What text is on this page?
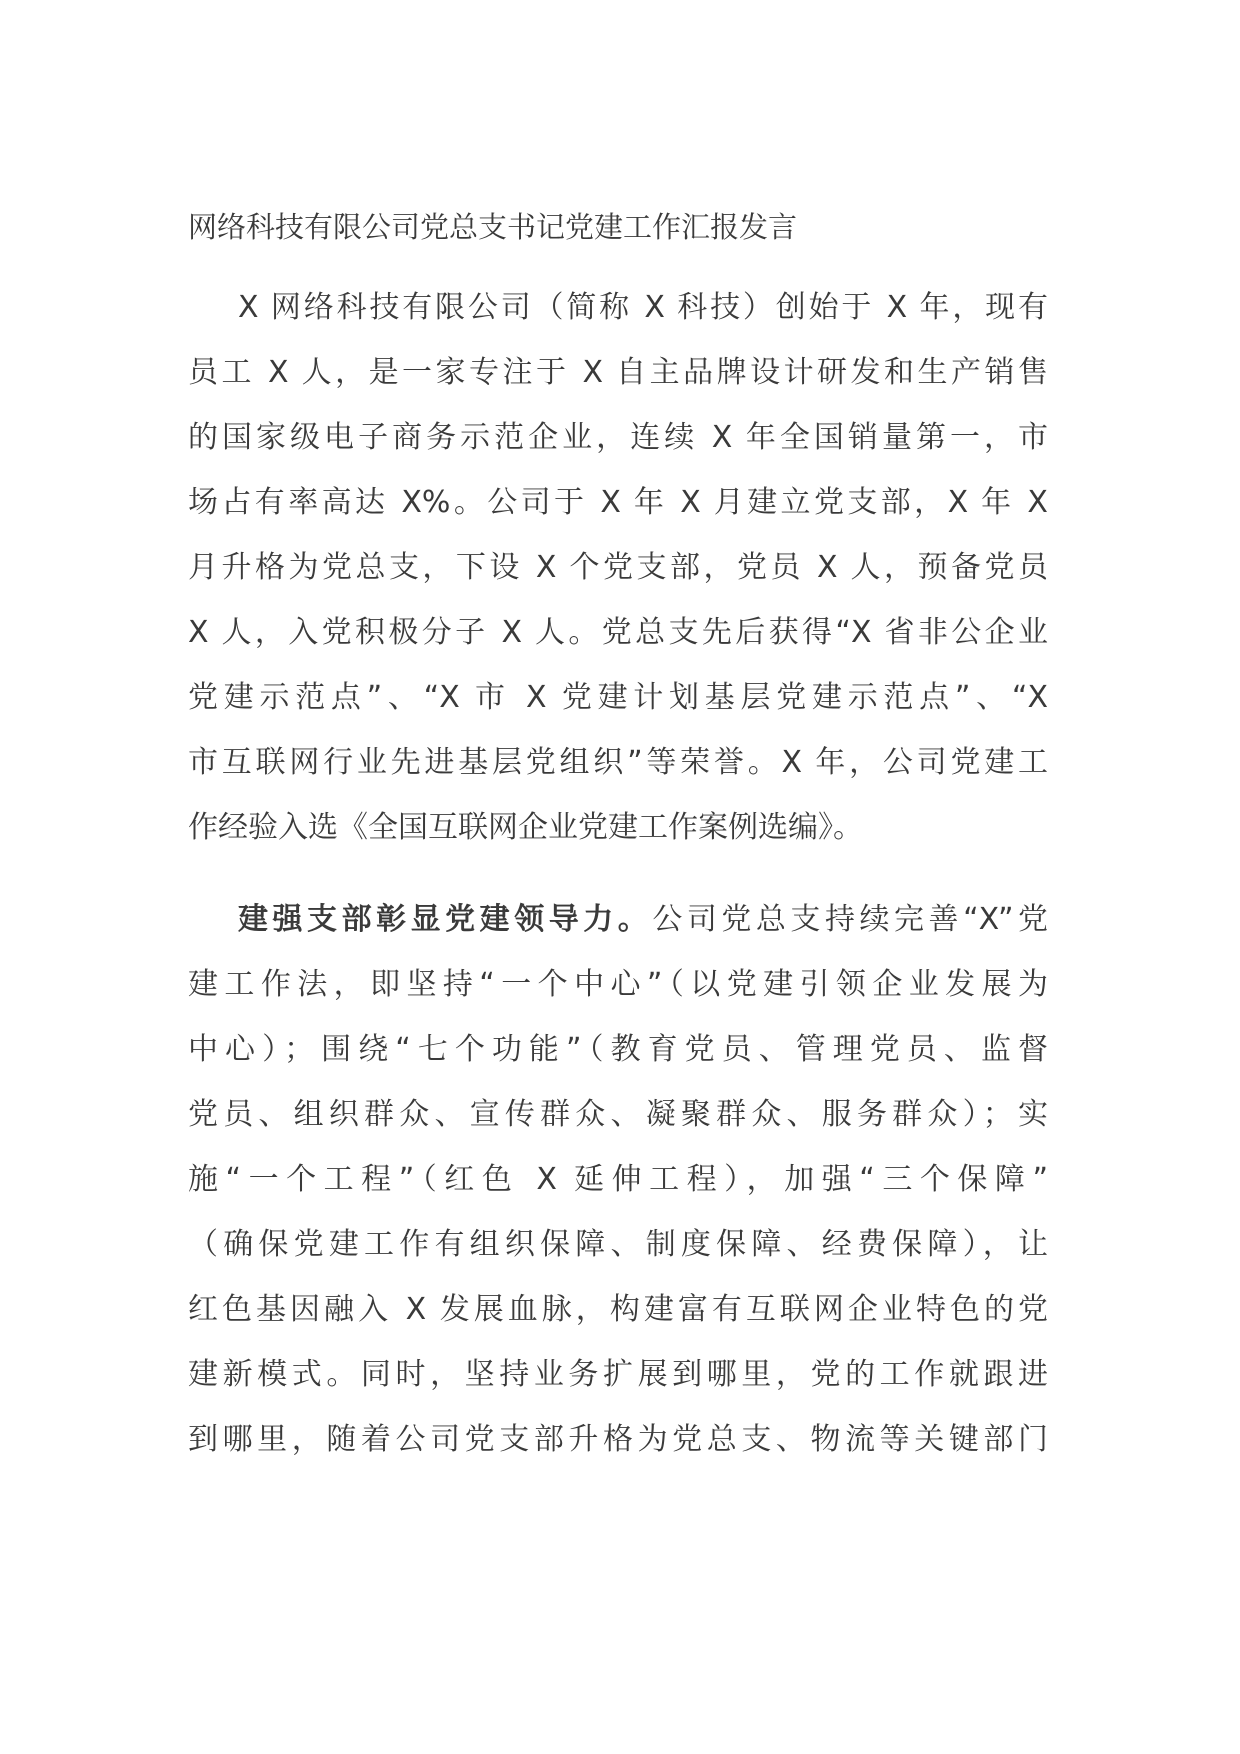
网络科技有限公司党总支书记党建工作汇报发言
X 网络科技有限公司（简称 X 科技）创始于 X 年，现有
员工 X 人，是一家专注于 X 自主品牌设计研发和生产销售
的国家级电子商务示范企业，连续 X 年全国销量第一，市
场占有率高达 X%。公司于 X 年 X 月建立党支部，X 年 X
月升格为党总支，下设 X 个党支部，党员 X 人，预备党员
X 人，入党积极分子 X 人。党总支先后获得“X 省非公企业
党建示范点”、“X 市 X 党建计划基层党建示范点”、“X
市互联网行业先进基层党组织”等荣誉。X 年，公司党建工
作经验入选《全国互联网企业党建工作案例选编》。
建强支部彰显党建领导力。公司党总支持续完善“X”党
建工作法，即坚持“一个中心”（以党建引领企业发展为
中心）；围绕“七个功能”（教育党员、管理党员、监督
党员、组织群众、宣传群众、凝聚群众、服务群众）；实
施“一个工程”（红色 X 延伸工程），加强“三个保障”
（确保党建工作有组织保障、制度保障、经费保障），让
红色基因融入 X 发展血脉，构建富有互联网企业特色的党
建新模式。同时，坚持业务扩展到哪里，党的工作就跟进
到哪里，随着公司党支部升格为党总支、物流等关键部门
